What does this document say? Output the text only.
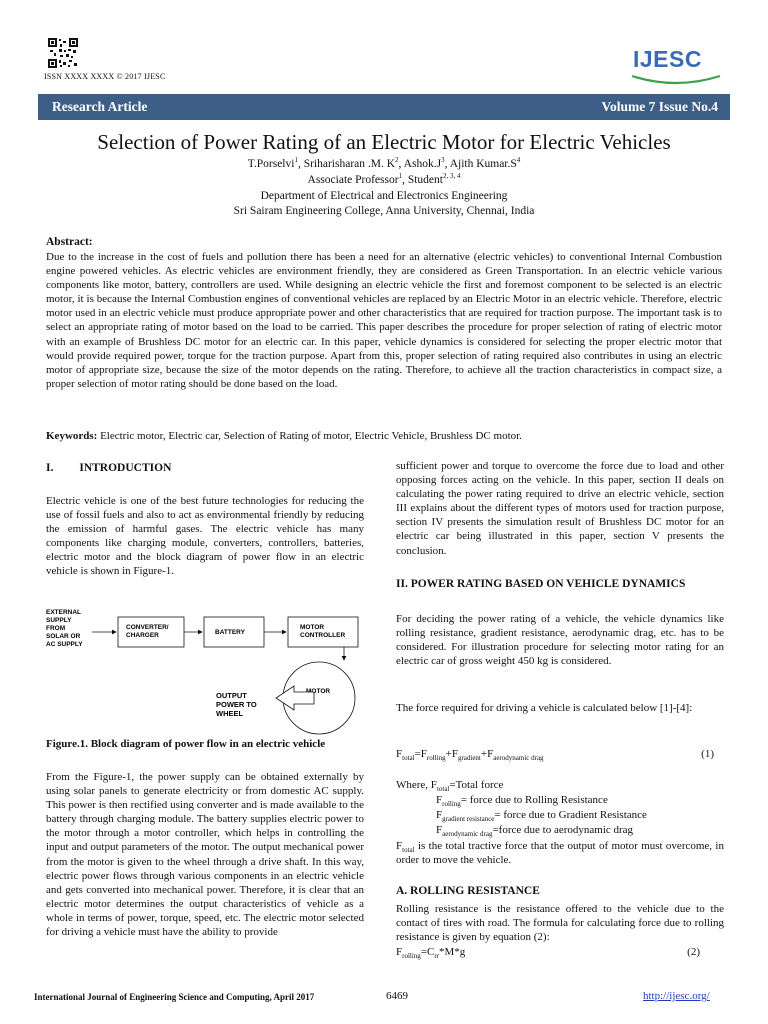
ISSN XXXX XXXX © 2017 IJESC
IJESC
Research Article	Volume 7 Issue No.4
Selection of Power Rating of an Electric Motor for Electric Vehicles
T.Porselvi$^1$, Sriharisharan .M. $K^2$, $Ashok.J^3$, Ajith $Kumar.S^4$
Associate Professor$^1$, Student$^{2, 3, 4}$
Department of Electrical and Electronics Engineering
Sri Sairam Engineering College, Anna University, Chennai, India
Abstract:
Due to the increase in the cost of fuels and pollution there has been a need for an alternative (electric vehicles) to conventional Internal Combustion engine powered vehicles. As electric vehicles are environment friendly, they are considered as Green Transportation. In an electric vehicle various components like motor, battery, controllers are used. While designing an electric vehicle the first and foremost component to be selected is an electric motor, it is because the Internal Combustion engines of conventional vehicles are replaced by an Electric Motor in an electric vehicle. Therefore, electric motor used in an electric vehicle must produce appropriate power and other characteristics that are required for traction purpose. The important task is to select an appropriate rating of motor based on the load to be carried. This paper describes the procedure for proper selection of rating of electric motor with an example of Brushless DC motor for an electric car. In this paper, vehicle dynamics is considered for selecting the proper electric motor that would provide required power, torque for the traction purpose. Apart from this, proper selection of rating required also contributes in using an electric motor of appropriate size, because the size of the motor depends on the rating. Therefore, to achieve all the traction characteristics in compact size, a proper selection of motor rating should be done based on the load.
Keywords: Electric motor, Electric car, Selection of Rating of motor, Electric Vehicle, Brushless DC motor.
I. INTRODUCTION
Electric vehicle is one of the best future technologies for reducing the use of fossil fuels and also to act as environmental friendly by reducing the emission of harmful gases. The electric vehicle has many components like charging module, converters, controllers, batteries, electric motor and the block diagram of power flow in an electric vehicle is shown in Figure-1.
EXTERNAL SUPPLY FROM SOLAR OR AC SUPPLY
CONVERTER/ CHARGER	BATTERY
MOTOR CONTROLLER
MOTOR
OUTPUT POWER TO WHEEL
Figure.1. Block diagram of power flow in an electric vehicle
From the Figure-1, the power supply can be obtained externally by using solar panels to generate electricity or from domestic AC supply. This power is then rectified using converter and is made available to the battery through charging module. The battery supplies electric power to the motor through a motor controller, which helps in controlling the input and output parameters of the motor. The output mechanical power from the motor is given to the wheel through a drive shaft. In this way, electric power flows through various components in an electric vehicle and gets converted into mechanical power. Therefore, it is clear that an electric motor determines the output characteristics of vehicle as a whole in terms of power, torque, speed, etc. The electric motor selected for driving a vehicle must have the ability to provide
sufficient power and torque to overcome the force due to load and other opposing forces acting on the vehicle. In this paper, section II deals on calculating the power rating required to drive an electric vehicle, section III explains about the different types of motors used for traction purpose, section IV presents the simulation result of Brushless DC motor for an electric car being illustrated in this paper, section V presents the conclusion.
II. POWER RATING BASED ON VEHICLE DYNAMICS
For deciding the power rating of a vehicle, the vehicle dynamics like rolling resistance, gradient resistance, aerodynamic drag, etc. has to be considered. For illustration procedure for selecting motor rating for an electric car of gross weight 450 kg is considered.
The force required for driving a vehicle is calculated below [1]-[4]:
$F_{total}=F_{rolling}+F_{gradient}+F_{aerodynamic drag}$	(1)
Where, $F_{total}=Total$ force
$F_{rolling}=$ force due to Rolling Resistance
$F_{gradient resistance}=$ force due to Gradient Resistance
$F_{aerodynamic drag}=force$ due to aerodynamic drag
$F_{total}$ is the total tractive force that the output of motor must overcome, in order to move the vehicle.
A. ROLLING RESISTANCE
Rolling resistance is the resistance offered to the vehicle due to the contact of tires with road. The formula for calculating force due to rolling resistance is given by equation (2):
$F_{rolling}=C_{rr}*M*g$	(2)
International Journal of Engineering Science and Computing, April 2017	6469	http://ijesc.org/
